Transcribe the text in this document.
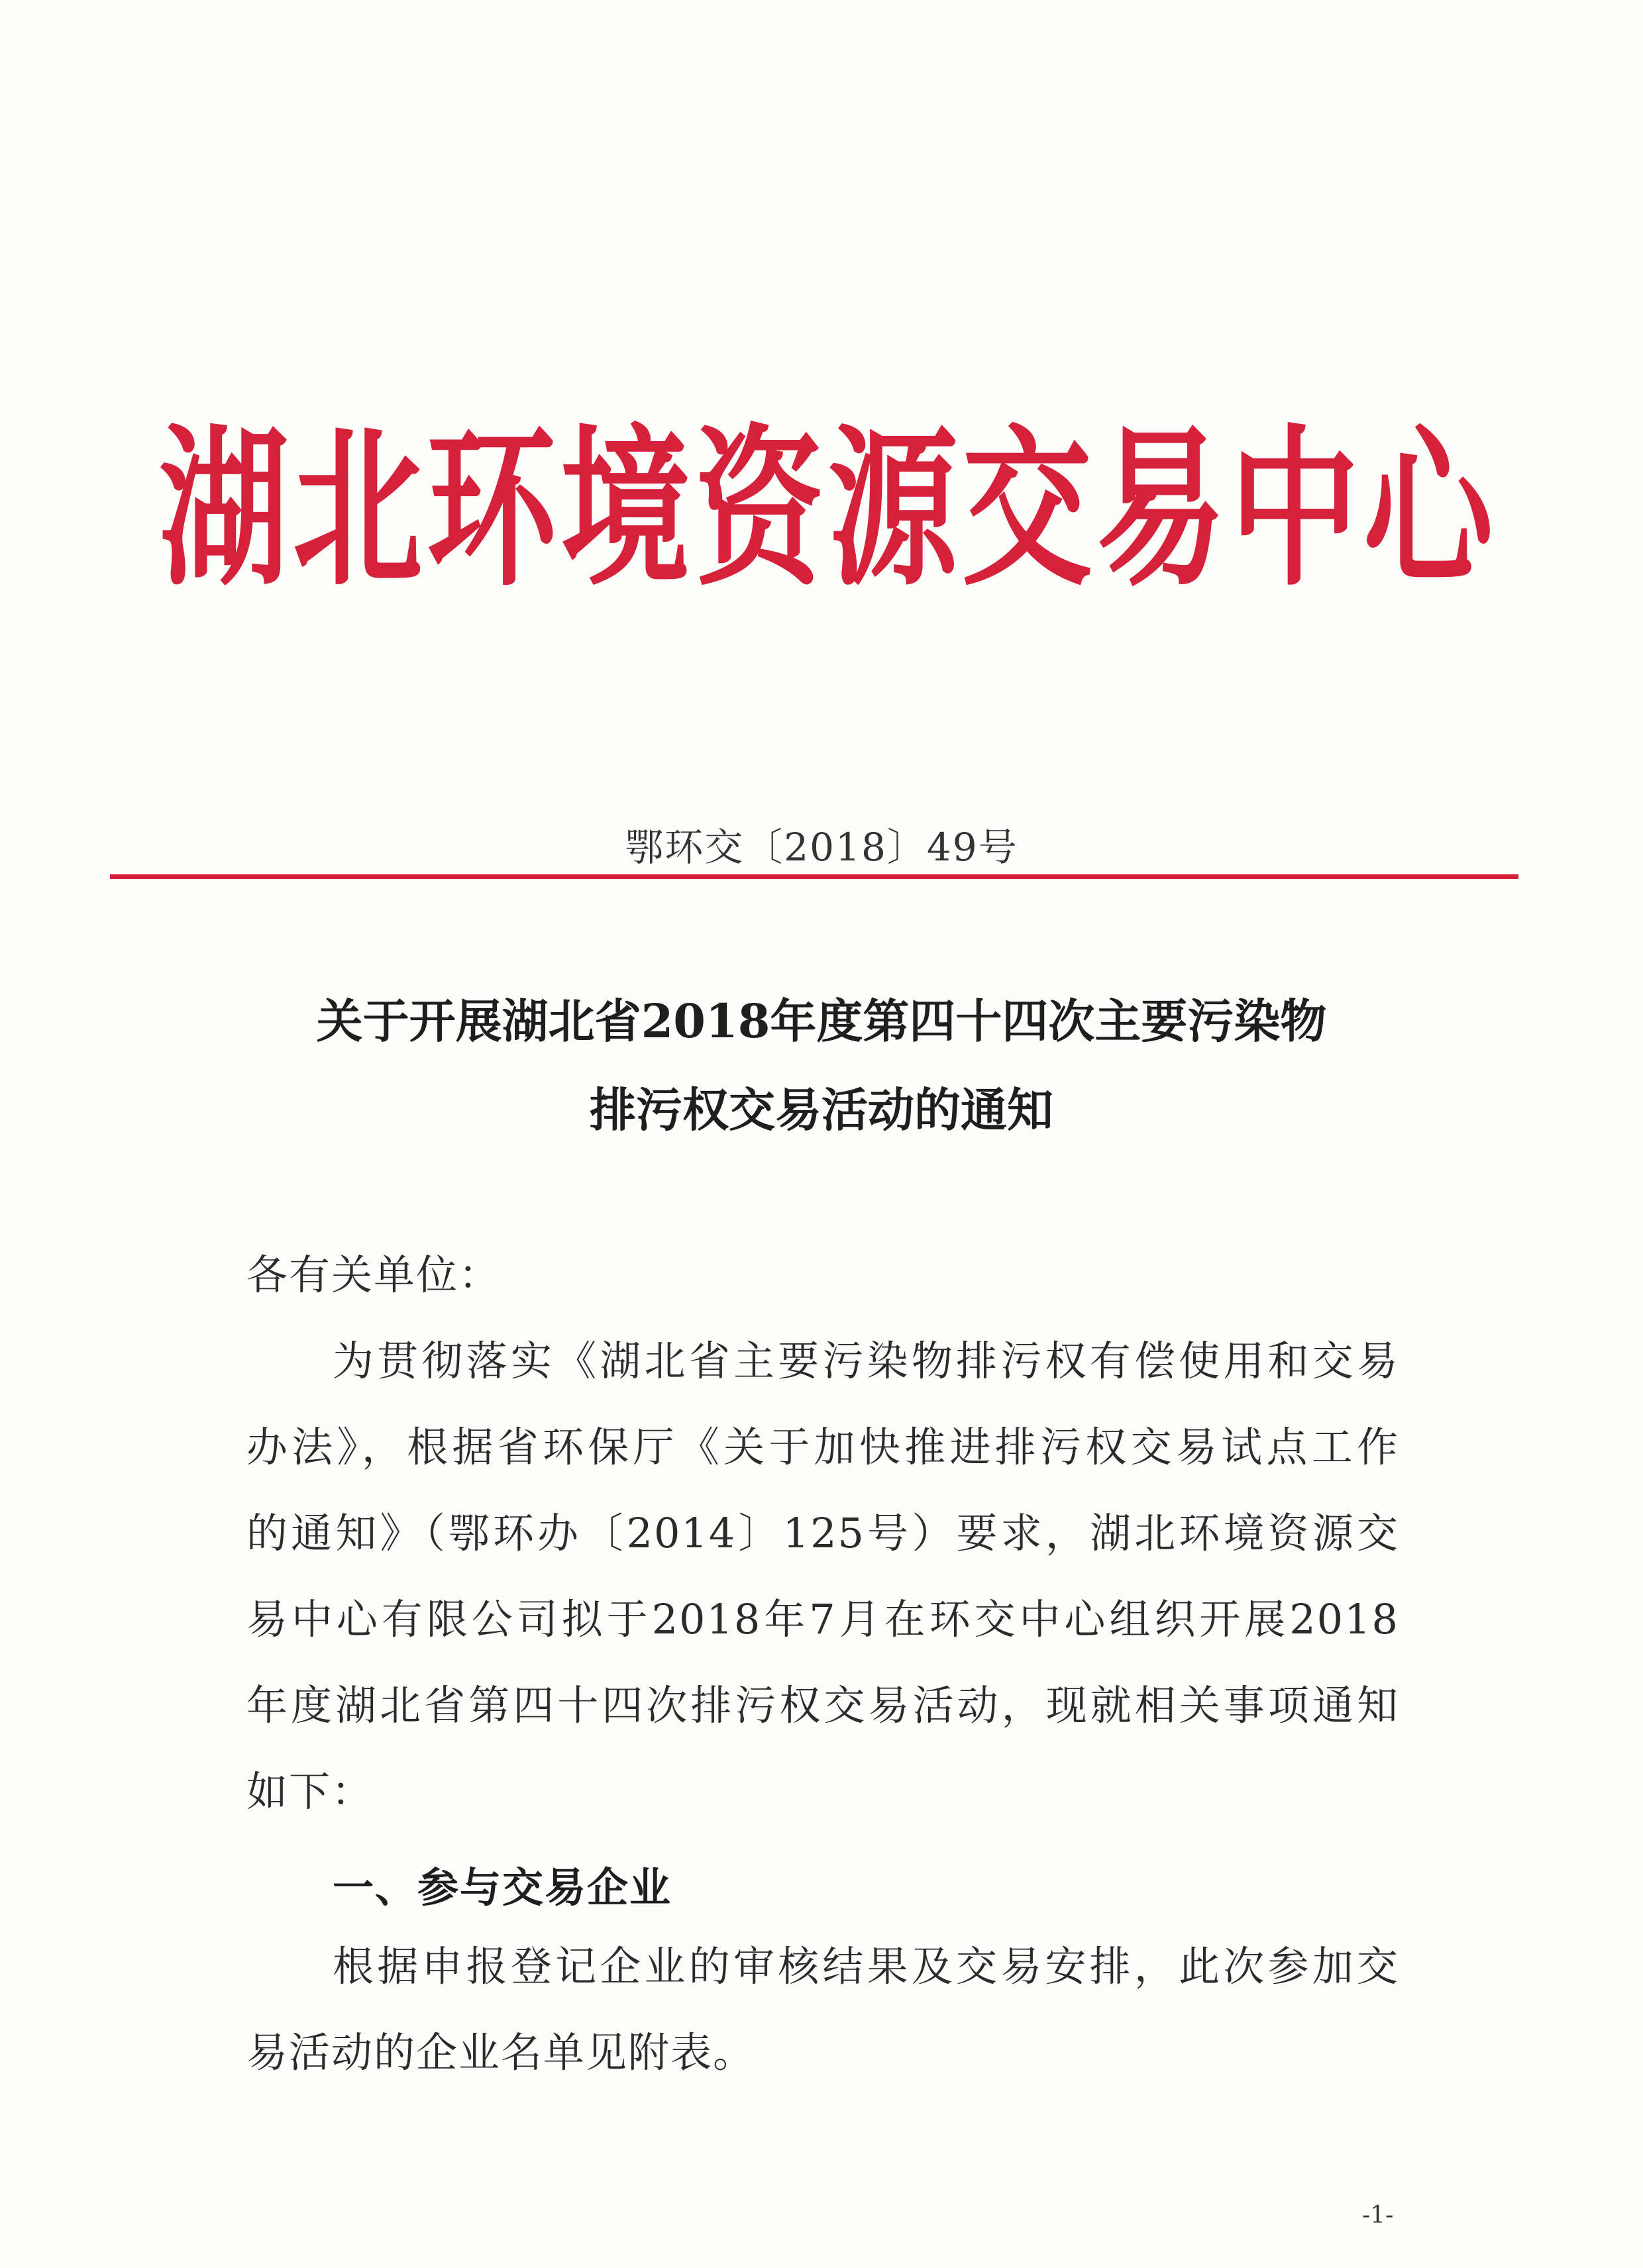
湖北环境资源交易中心
鄂环交〔2018〕49号
关于开展湖北省2018年度第四十四次主要污染物
排污权交易活动的通知
各有关单位：
为贯彻落实《湖北省主要污染物排污权有偿使用和交易
办法》，根据省环保厅《关于加快推进排污权交易试点工作
的通知》（鄂环办〔2014〕125号）要求，湖北环境资源交
易中心有限公司拟于2018年7月在环交中心组织开展2018
年度湖北省第四十四次排污权交易活动，现就相关事项通知
如下：
一、参与交易企业
根据申报登记企业的审核结果及交易安排，此次参加交
易活动的企业名单见附表。
-1-
